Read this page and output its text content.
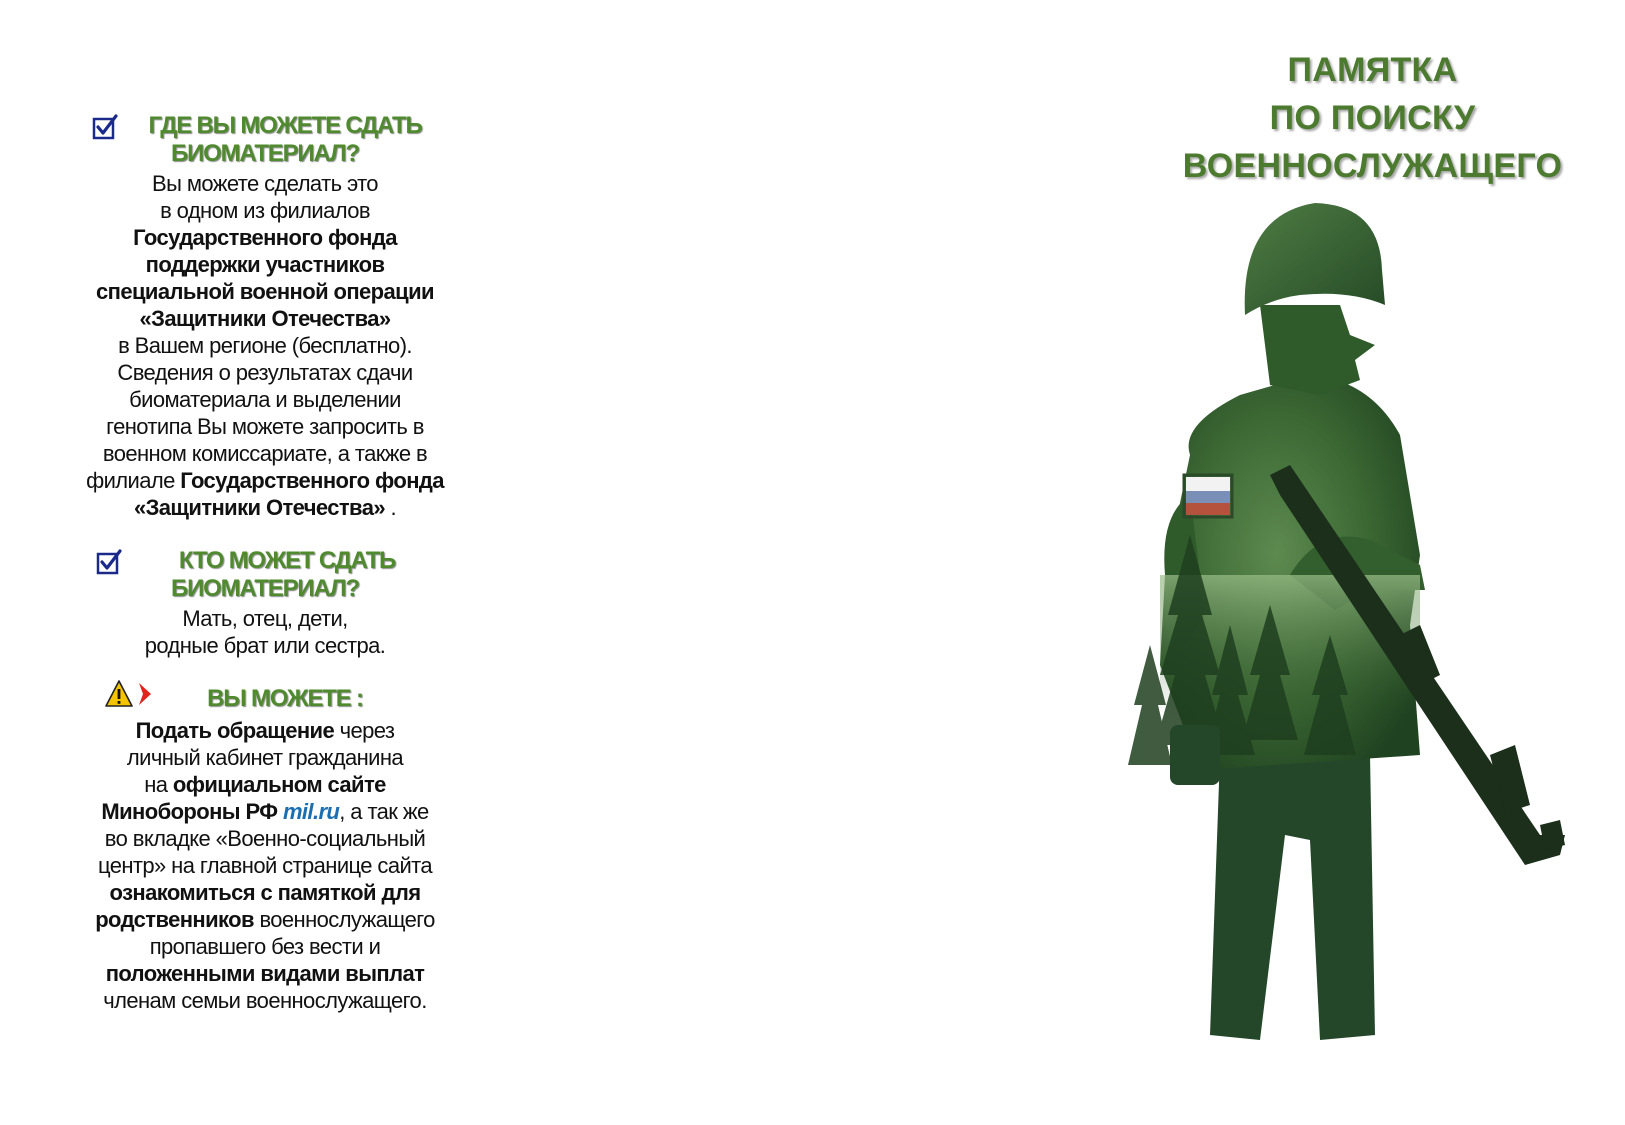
ГДЕ ВЫ МОЖЕТЕ СДАТЬ
БИОМАТЕРИАЛ?
Вы можете сделать это
в одном из филиалов
Государственного фонда
поддержки участников
специальной военной операции
«Защитники Отечества»
в Вашем регионе (бесплатно).
Сведения о результатах сдачи
биоматериала и выделении
генотипа Вы можете запросить в
военном комиссариате, а также в
филиале Государственного фонда
«Защитники Отечества» .
КТО МОЖЕТ СДАТЬ
БИОМАТЕРИАЛ?
Мать, отец, дети,
родные брат или сестра.
ВЫ МОЖЕТЕ :
Подать обращение через
личный кабинет гражданина
на официальном сайте
Минобороны РФ mil.ru, а так же
во вкладке «Военно-социальный
центр» на главной странице сайта
ознакомиться с памяткой для
родственников военнослужащего
пропавшего без вести и
положенными видами выплат
членам семьи военнослужащего.
ПАМЯТКА
ПО ПОИСКУ
ВОЕННОСЛУЖАЩЕГО
